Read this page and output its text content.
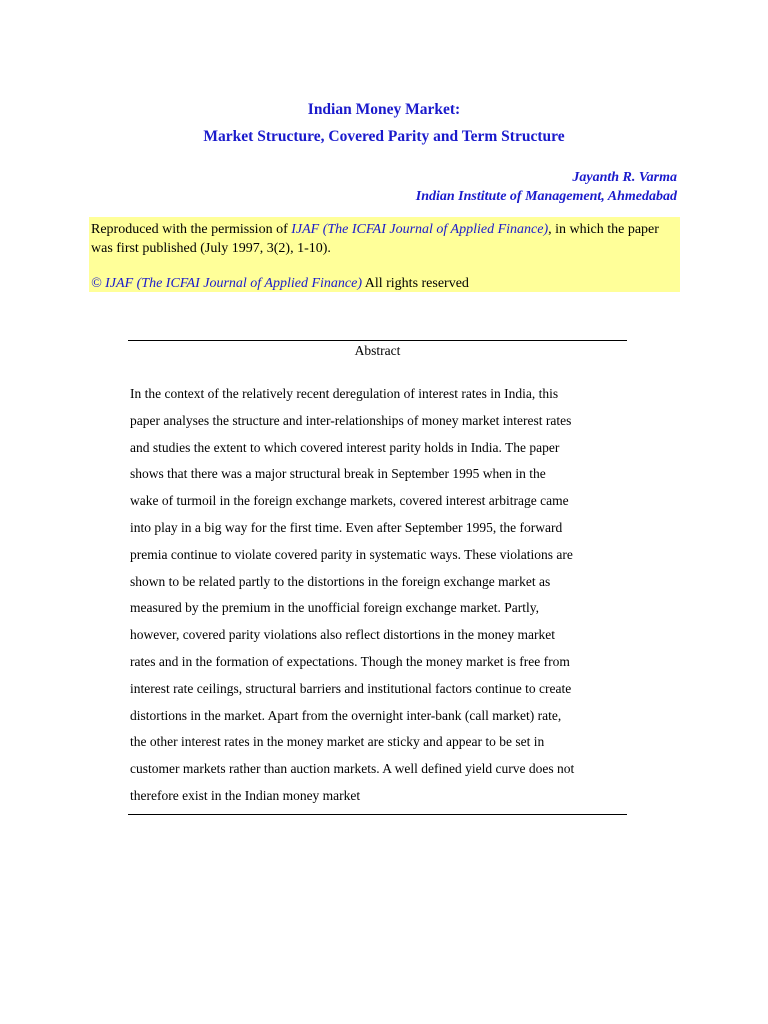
Indian Money Market:
Market Structure, Covered Parity and Term Structure
Jayanth R. Varma
Indian Institute of Management, Ahmedabad
Reproduced with the permission of IJAF (The ICFAI Journal of Applied Finance), in which the paper was first published (July 1997, 3(2), 1-10).
© IJAF (The ICFAI Journal of Applied Finance) All rights reserved
Abstract
In the context of the relatively recent deregulation of interest rates in India, this
paper analyses the structure and inter-relationships of money market interest rates
and studies the extent to which covered interest parity holds in India. The paper
shows that there was a major structural break in September 1995 when in the
wake of turmoil in the foreign exchange markets, covered interest arbitrage came
into play in a big way for the first time. Even after September 1995, the forward
premia continue to violate covered parity in systematic ways. These violations are
shown to be related partly to the distortions in the foreign exchange market as
measured by the premium in the unofficial foreign exchange market. Partly,
however, covered parity violations also reflect distortions in the money market
rates and in the formation of expectations. Though the money market is free from
interest rate ceilings, structural barriers and institutional factors continue to create
distortions in the market. Apart from the overnight inter-bank (call market) rate,
the other interest rates in the money market are sticky and appear to be set in
customer markets rather than auction markets. A well defined yield curve does not
therefore exist in the Indian money market
